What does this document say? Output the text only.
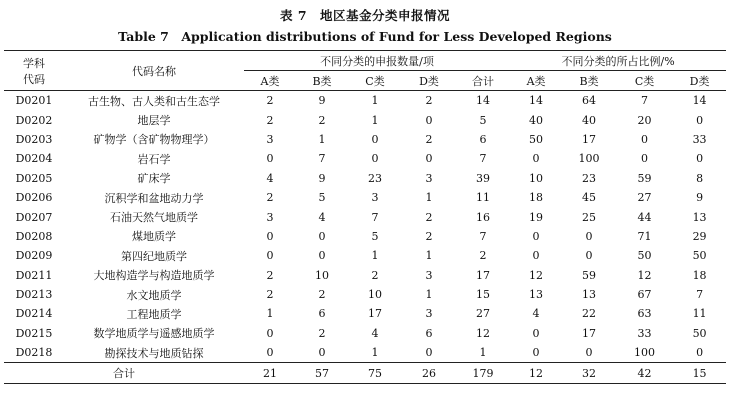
表 7　地区基金分类申报情况
Table 7　Application distributions of Fund for Less Developed Regions
学科
代码	代码名称	不同分类的申报数量/项					不同分类的所占比例/%			
		A类	B类	C类	D类	合计	A类	B类	C类	D类
D0201	古生物、古人类和古生态学	2	9	1	2	14	14	64	7	14
D0202	地层学	2	2	1	0	5	40	40	20	0
D0203	矿物学（含矿物物理学）	3	1	0	2	6	50	17	0	33
D0204	岩石学	0	7	0	0	7	0	100	0	0
D0205	矿床学	4	9	23	3	39	10	23	59	8
D0206	沉积学和盆地动力学	2	5	3	1	11	18	45	27	9
D0207	石油天然气地质学	3	4	7	2	16	19	25	44	13
D0208	煤地质学	0	0	5	2	7	0	0	71	29
D0209	第四纪地质学	0	0	1	1	2	0	0	50	50
D0211	大地构造学与构造地质学	2	10	2	3	17	12	59	12	18
D0213	水文地质学	2	2	10	1	15	13	13	67	7
D0214	工程地质学	1	6	17	3	27	4	22	63	11
D0215	数学地质学与遥感地质学	0	2	4	6	12	0	17	33	50
D0218	勘探技术与地质钻探	0	0	1	0	1	0	0	100	0
合计		21	57	75	26	179	12	32	42	15
